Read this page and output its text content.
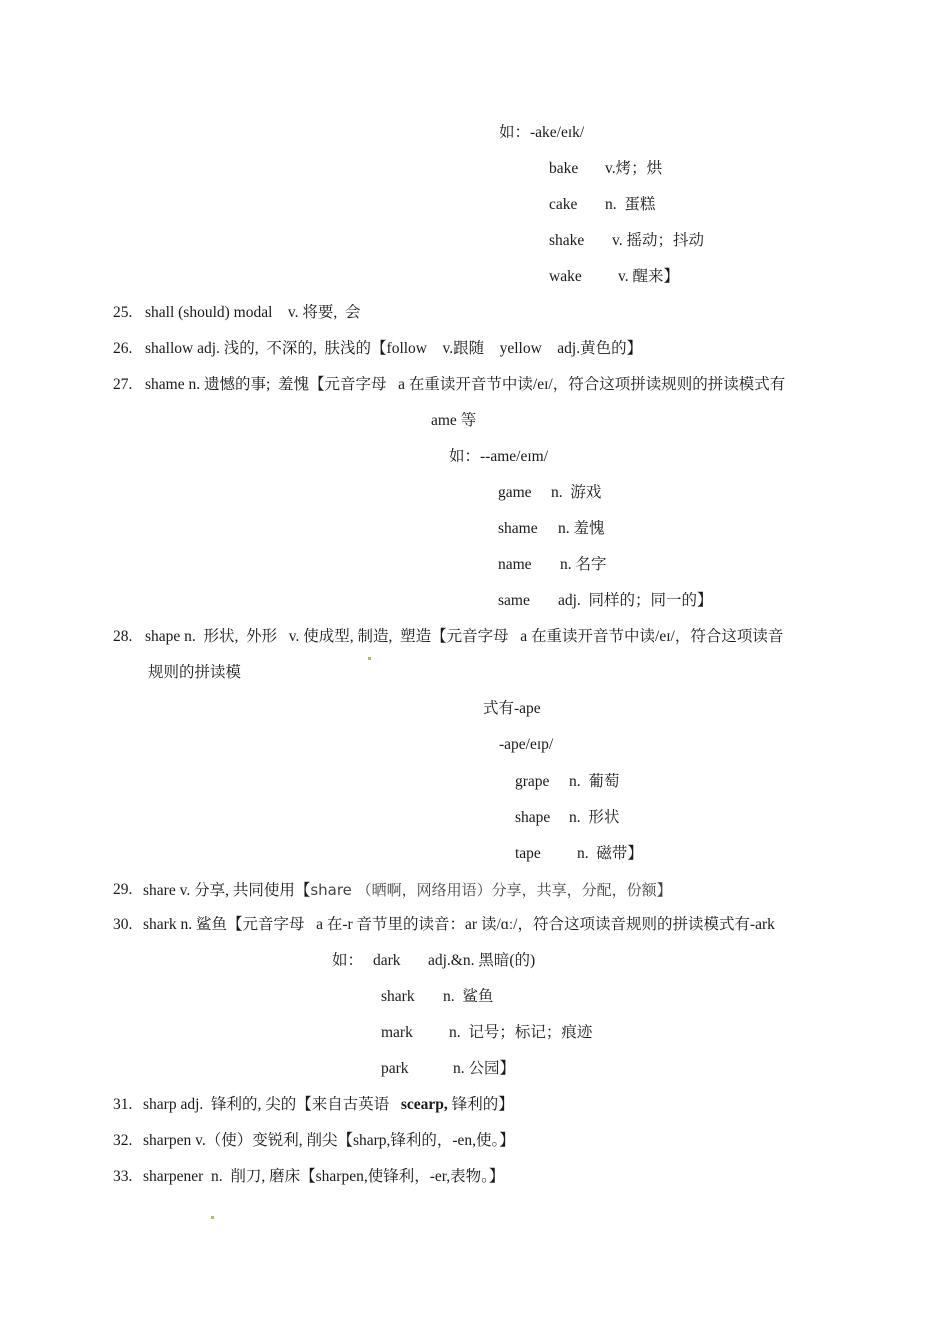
如：-ake/eɪk/
bake v.烤；烘
cake n.  蛋糕
shake v. 摇动；抖动
wake v. 醒来】
25. shall (should) modal    v. 将要,  会
26. shallow adj. 浅的,  不深的,  肤浅的【follow    v.跟随    yellow    adj.黄色的】
27. shame n. 遗憾的事;  羞愧【元音字母   a 在重读开音节中读/eɪ/，符合这项拼读规则的拼读模式有
ame 等
如：--ame/eɪm/
game n.  游戏
shame n. 羞愧
name n. 名字
same adj.  同样的；同一的】
28. shape n.  形状,  外形   v. 使成型, 制造,  塑造【元音字母   a 在重读开音节中读/eɪ/，符合这项读音
规则的拼读模
式有-ape
-ape/eɪp/
grape n.  葡萄
shape n.  形状
tape n.  磁带】
29. share v. 分享, 共同使用【share （晒啊，网络用语）分享，共享，分配，份额】
30. shark n. 鲨鱼【元音字母   a 在-r 音节里的读音：ar 读/ɑː/，符合这项读音规则的拼读模式有-ark
如： dark adj.&n. 黑暗(的)
shark n.  鲨鱼
mark n.  记号；标记；痕迹
park	n. 公园】
31. sharp adj.  锋利的, 尖的【来自古英语   scearp, 锋利的】
32. sharpen v.（使）变锐利, 削尖【sharp,锋利的，-en,使。】
33. sharpener  n.  削刀, 磨床【sharpen,使锋利，-er,表物。】
